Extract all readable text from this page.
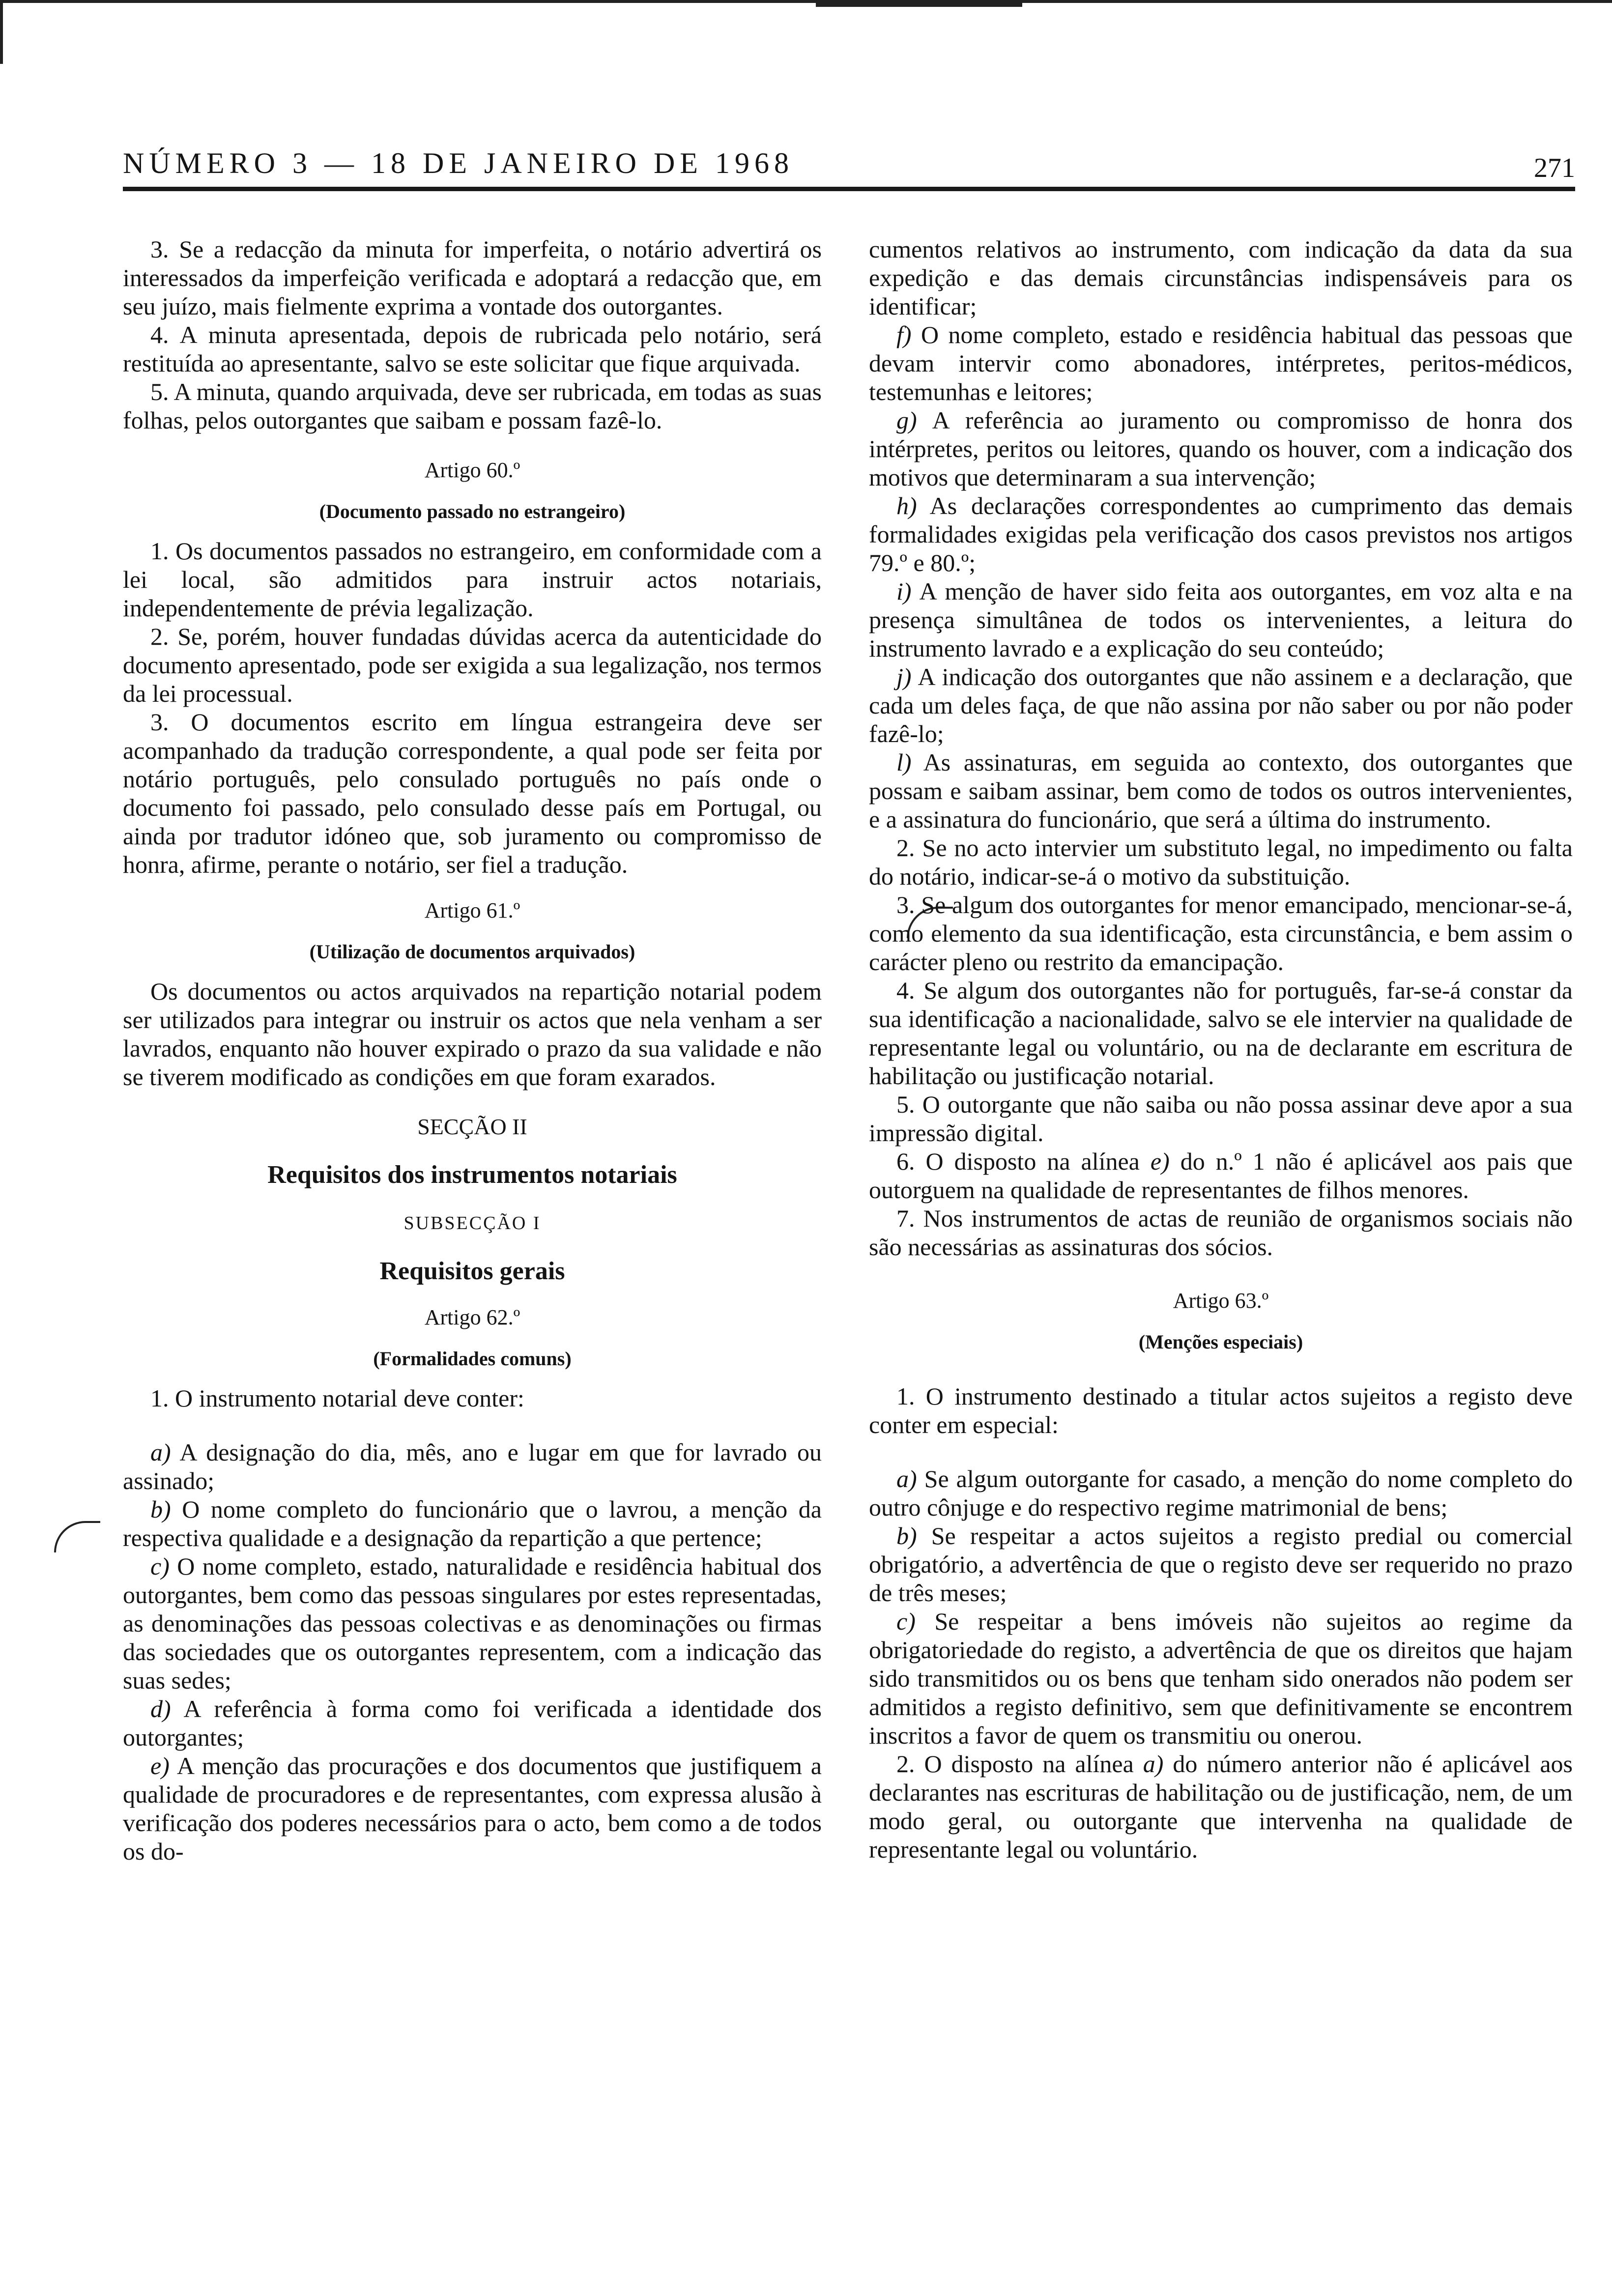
NÚMERO 3 — 18 DE JANEIRO DE 1968	271

3. Se a redacção da minuta for imperfeita, o notário advertirá os interessados da imperfeição verificada e adoptará a redacção que, em seu juízo, mais fielmente exprima a vontade dos outorgantes.

4. A minuta apresentada, depois de rubricada pelo notário, será restituída ao apresentante, salvo se este solicitar que fique arquivada.

5. A minuta, quando arquivada, deve ser rubricada, em todas as suas folhas, pelos outorgantes que saibam e possam fazê-lo.

Artigo 60.º

(Documento passado no estrangeiro)

1. Os documentos passados no estrangeiro, em conformidade com a lei local, são admitidos para instruir actos notariais, independentemente de prévia legalização.

2. Se, porém, houver fundadas dúvidas acerca da autenticidade do documento apresentado, pode ser exigida a sua legalização, nos termos da lei processual.

3. O documentos escrito em língua estrangeira deve ser acompanhado da tradução correspondente, a qual pode ser feita por notário português, pelo consulado português no país onde o documento foi passado, pelo consulado desse país em Portugal, ou ainda por tradutor idóneo que, sob juramento ou compromisso de honra, afirme, perante o notário, ser fiel a tradução.

Artigo 61.º

(Utilização de documentos arquivados)

Os documentos ou actos arquivados na repartição notarial podem ser utilizados para integrar ou instruir os actos que nela venham a ser lavrados, enquanto não houver expirado o prazo da sua validade e não se tiverem modificado as condições em que foram exarados.

SECÇÃO II

Requisitos dos instrumentos notariais

SUBSECÇÃO I

Requisitos gerais

Artigo 62.º

(Formalidades comuns)

1. O instrumento notarial deve conter:

a) A designação do dia, mês, ano e lugar em que for lavrado ou assinado;

b) O nome completo do funcionário que o lavrou, a menção da respectiva qualidade e a designação da repartição a que pertence;

c) O nome completo, estado, naturalidade e residência habitual dos outorgantes, bem como das pessoas singulares por estes representadas, as denominações das pessoas colectivas e as denominações ou firmas das sociedades que os outorgantes representem, com a indicação das suas sedes;

d) A referência à forma como foi verificada a identidade dos outorgantes;

e) A menção das procurações e dos documentos que justifiquem a qualidade de procuradores e de representantes, com expressa alusão à verificação dos poderes necessários para o acto, bem como a de todos os do-

cumentos relativos ao instrumento, com indicação da data da sua expedição e das demais circunstâncias indispensáveis para os identificar;

f) O nome completo, estado e residência habitual das pessoas que devam intervir como abonadores, intérpretes, peritos-médicos, testemunhas e leitores;

g) A referência ao juramento ou compromisso de honra dos intérpretes, peritos ou leitores, quando os houver, com a indicação dos motivos que determinaram a sua intervenção;

h) As declarações correspondentes ao cumprimento das demais formalidades exigidas pela verificação dos casos previstos nos artigos 79.º e 80.º;

i) A menção de haver sido feita aos outorgantes, em voz alta e na presença simultânea de todos os intervenientes, a leitura do instrumento lavrado e a explicação do seu conteúdo;

j) A indicação dos outorgantes que não assinem e a declaração, que cada um deles faça, de que não assina por não saber ou por não poder fazê-lo;

l) As assinaturas, em seguida ao contexto, dos outorgantes que possam e saibam assinar, bem como de todos os outros intervenientes, e a assinatura do funcionário, que será a última do instrumento.

2. Se no acto intervier um substituto legal, no impedimento ou falta do notário, indicar-se-á o motivo da substituição.

3. Se algum dos outorgantes for menor emancipado, mencionar-se-á, como elemento da sua identificação, esta circunstância, e bem assim o carácter pleno ou restrito da emancipação.

4. Se algum dos outorgantes não for português, far-se-á constar da sua identificação a nacionalidade, salvo se ele intervier na qualidade de representante legal ou voluntário, ou na de declarante em escritura de habilitação ou justificação notarial.

5. O outorgante que não saiba ou não possa assinar deve apor a sua impressão digital.

6. O disposto na alínea e) do n.º 1 não é aplicável aos pais que outorguem na qualidade de representantes de filhos menores.

7. Nos instrumentos de actas de reunião de organismos sociais não são necessárias as assinaturas dos sócios.

Artigo 63.º

(Menções especiais)

1. O instrumento destinado a titular actos sujeitos a registo deve conter em especial:

a) Se algum outorgante for casado, a menção do nome completo do outro cônjuge e do respectivo regime matrimonial de bens;

b) Se respeitar a actos sujeitos a registo predial ou comercial obrigatório, a advertência de que o registo deve ser requerido no prazo de três meses;

c) Se respeitar a bens imóveis não sujeitos ao regime da obrigatoriedade do registo, a advertência de que os direitos que hajam sido transmitidos ou os bens que tenham sido onerados não podem ser admitidos a registo definitivo, sem que definitivamente se encontrem inscritos a favor de quem os transmitiu ou onerou.

2. O disposto na alínea a) do número anterior não é aplicável aos declarantes nas escrituras de habilitação ou de justificação, nem, de um modo geral, ou outorgante que intervenha na qualidade de representante legal ou voluntário.
